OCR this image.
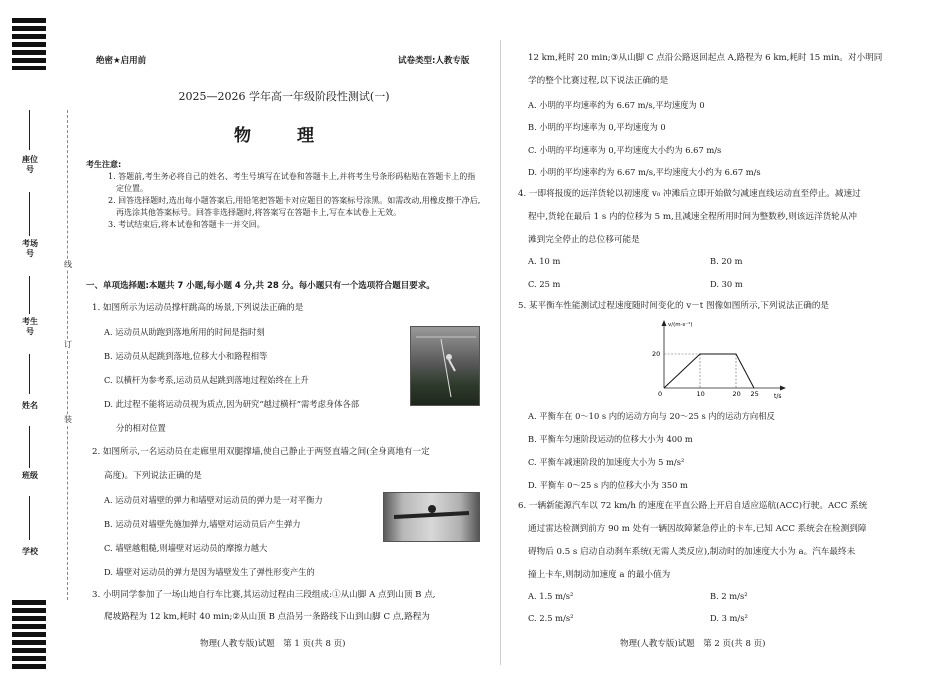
座位号
考场号
考生号
姓名
班级
学校
线
订
装
绝密★启用前	试卷类型:人教专版
2025—2026 学年高一年级阶段性测试(一)
物 理
考生注意:
1. 答题前,考生务必将自己的姓名、考生号填写在试卷和答题卡上,并将考生号条形码粘贴在答题卡上的指定位置。
2. 回答选择题时,选出每小题答案后,用铅笔把答题卡对应题目的答案标号涂黑。如需改动,用橡皮擦干净后,再选涂其他答案标号。回答非选择题时,将答案写在答题卡上,写在本试卷上无效。
3. 考试结束后,将本试卷和答题卡一并交回。
一、单项选择题:本题共 7 小题,每小题 4 分,共 28 分。每小题只有一个选项符合题目要求。
1. 如图所示为运动员撑杆跳高的场景,下列说法正确的是
A. 运动员从助跑到落地所用的时间是指时刻
B. 运动员从起跳到落地,位移大小和路程相等
C. 以横杆为参考系,运动员从起跳到落地过程始终在上升
D. 此过程不能将运动员视为质点,因为研究“越过横杆”需考虑身体各部
分的相对位置
2. 如图所示,一名运动员在走廊里用双腿撑墙,使自己静止于两竖直墙之间(全身离地有一定
高度)。下列说法正确的是
A. 运动员对墙壁的弹力和墙壁对运动员的弹力是一对平衡力
B. 运动员对墙壁先施加弹力,墙壁对运动员后产生弹力
C. 墙壁越粗糙,则墙壁对运动员的摩擦力越大
D. 墙壁对运动员的弹力是因为墙壁发生了弹性形变产生的
3. 小明同学参加了一场山地自行车比赛,其运动过程由三段组成:①从山脚 A 点到山顶 B 点,
爬坡路程为 12 km,耗时 40 min;②从山顶 B 点沿另一条路线下山到山脚 C 点,路程为
物理(人教专版)试题　第 1 页(共 8 页)
12 km,耗时 20 min;③从山脚 C 点沿公路返回起点 A,路程为 6 km,耗时 15 min。对小明同
学的整个比赛过程,以下说法正确的是
A. 小明的平均速率约为 6.67 m/s,平均速度为 0
B. 小明的平均速率为 0,平均速度为 0
C. 小明的平均速率为 0,平均速度大小约为 6.67 m/s
D. 小明的平均速率约为 6.67 m/s,平均速度大小约为 6.67 m/s
4. 一即将报废的远洋货轮以初速度 v₀ 冲滩后立即开始做匀减速直线运动直至停止。减速过
程中,货轮在最后 1 s 内的位移为 5 m,且减速全程所用时间为整数秒,则该远洋货轮从冲
滩到完全停止的总位移可能是
A. 10 m	B. 20 m
C. 25 m	D. 30 m
5. 某平衡车性能测试过程速度随时间变化的 v－t 图像如图所示,下列说法正确的是
v/(m·s⁻¹)
t/s
0
20
10	20 25
A. 平衡车在 0～10 s 内的运动方向与 20～25 s 内的运动方向相反
B. 平衡车匀速阶段运动的位移大小为 400 m
C. 平衡车减速阶段的加速度大小为 5 m/s²
D. 平衡车 0～25 s 内的位移大小为 350 m
6. 一辆新能源汽车以 72 km/h 的速度在平直公路上开启自适应巡航(ACC)行驶。ACC 系统
通过雷达检测到前方 90 m 处有一辆因故障紧急停止的卡车,已知 ACC 系统会在检测到障
碍物后 0.5 s 启动自动刹车系统(无需人类反应),制动时的加速度大小为 a。汽车最终未
撞上卡车,则制动加速度 a 的最小值为
A. 1.5 m/s²	B. 2 m/s²
C. 2.5 m/s²	D. 3 m/s²
物理(人教专版)试题　第 2 页(共 8 页)
